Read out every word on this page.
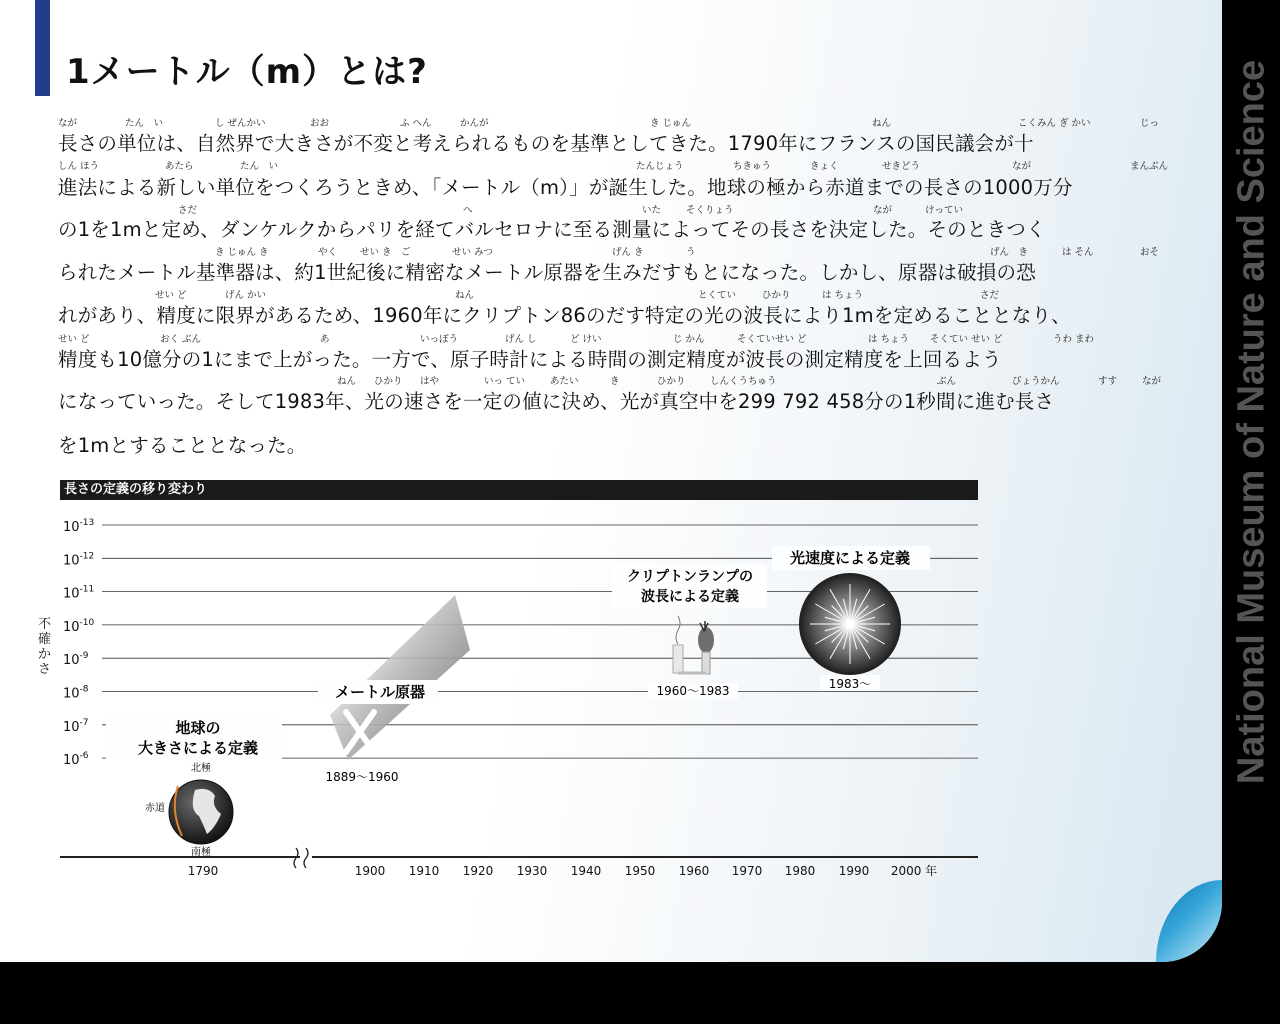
1メートル（m）とは?
長さの単位は、自然界で大きさが不変と考えられるものを基準としてきた。1790年にフランスの国民議会が十
進法による新しい単位をつくろうときめ、「メートル（m）」が誕生した。地球の極から赤道までの長さの1000万分
の1を1mと定め、ダンケルクからパリを経てバルセロナに至る測量によってその長さを決定した。そのときつく
られたメートル基準器は、約1世紀後に精密なメートル原器を生みだすもとになった。しかし、原器は破損の恐
れがあり、精度に限界があるため、1960年にクリプトン86のだす特定の光の波長により1mを定めることとなり、
精度も10億分の1にまで上がった。一方で、原子時計による時間の測定精度が波長の測定精度を上回るよう
になっていった。そして1983年、光の速さを一定の値に決め、光が真空中を299 792 458分の1秒間に進む長さ
を1mとすることとなった。
なが	たん　い	し ぜんかい	おお	ふ へん	かんが	き じゅん	ねん	こくみん ぎ かい	じっ
しん ほう	あたら	たん　い	たんじょう	ちきゅう	きょく	せきどう	なが	まんぶん
さだ	へ	いた	そくりょう	なが	けってい
き じゅん き	やく せい き　ご	せい みつ	げん き	う	げん　き	は そん	おそ
せい ど	げん かい	ねん	とくてい	ひかり	は ちょう	さだ
せい ど	おく ぶん	あ	いっぽう	げん し	ど けい	じ かん	そくていせい ど	は ちょう そくてい せい ど	うわ まわ
ねん ひかり はや	いっ てい	あたい	き	ひかり	しんくうちゅう	ぶん	びょうかん	すす	なが
長さの定義の移り変わり
$10^{-13}$
$10^{-12}$
$10^{-11}$
$10^{-10}$
$10^{-9}$
$10^{-8}$
$10^{-7}$
$10^{-6}$
不
確
か
さ
1790	1900 1910 1920 1930 1940 1950 1960 1970 1980 1990 2000 年
地球の
大きさによる定義
北極
赤道
南極
メートル原器
1889〜1960
クリプトンランプの
波長による定義
1960〜1983
光速度による定義
1983〜	National Museum of Nature and Science
